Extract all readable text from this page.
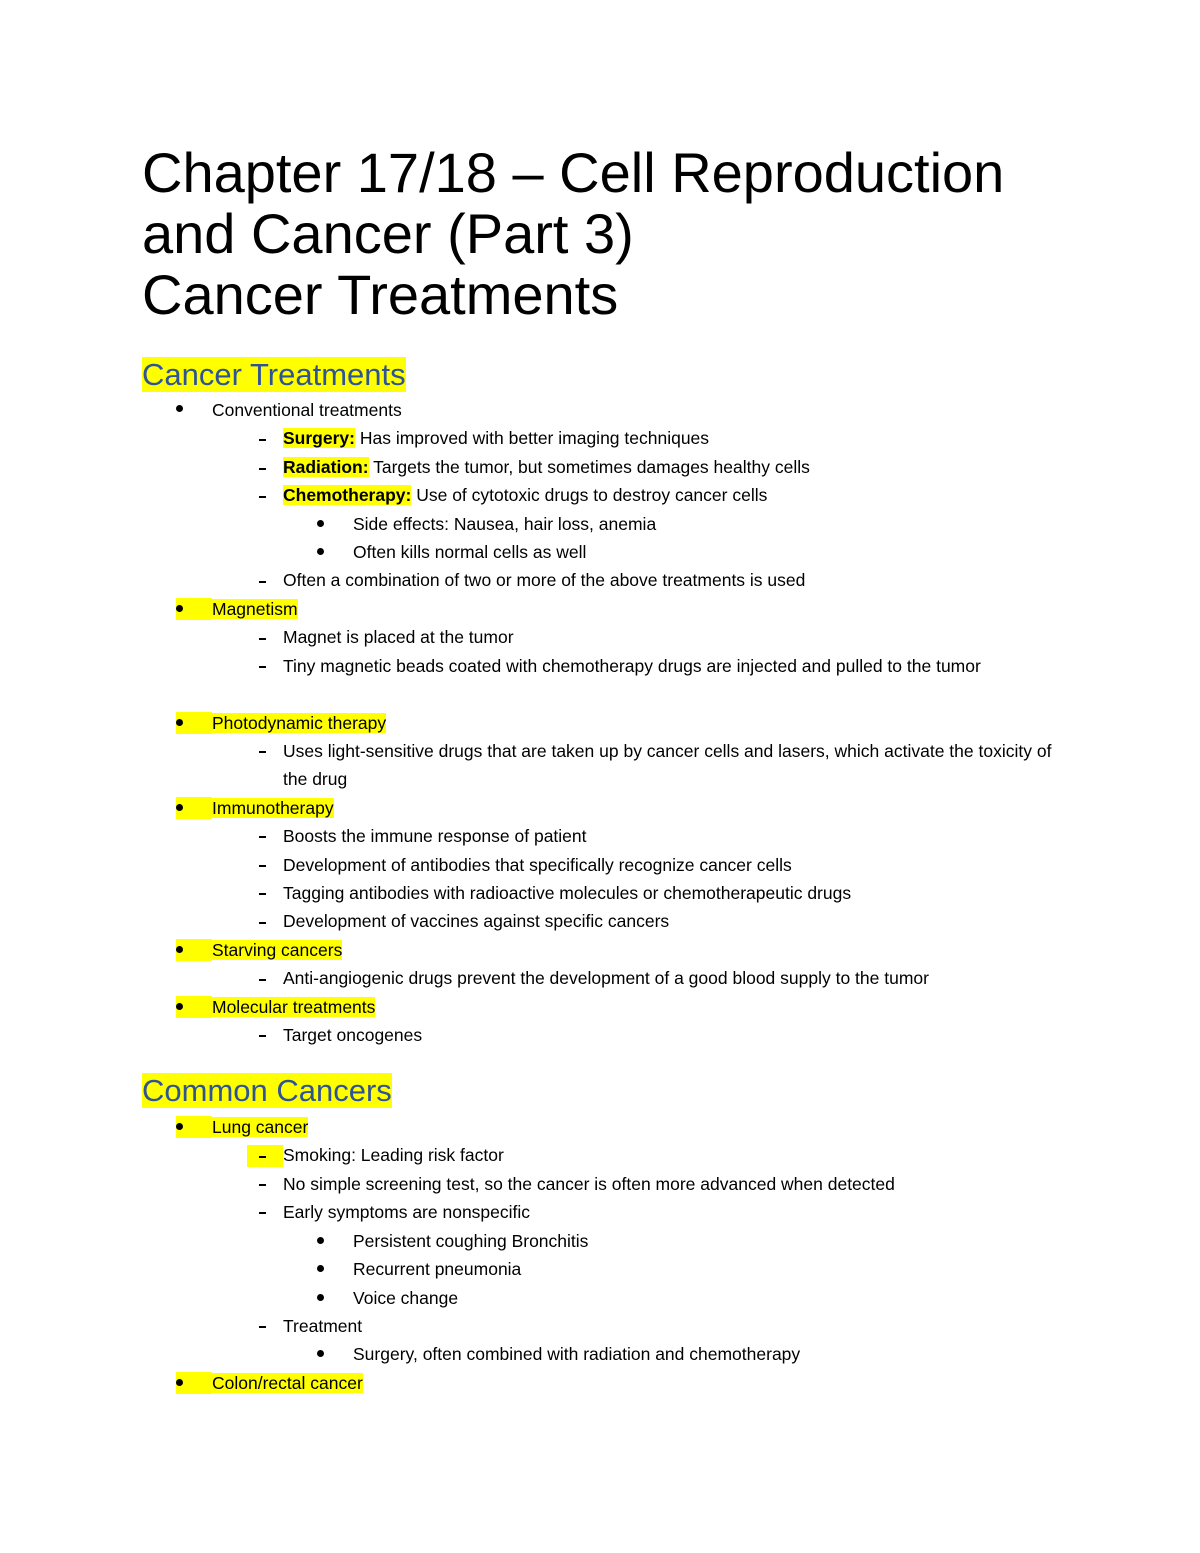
Chapter 17/18 – Cell Reproduction
and Cancer (Part 3)
Cancer Treatments
Cancer Treatments
Conventional treatments
Surgery: Has improved with better imaging techniques
Radiation: Targets the tumor, but sometimes damages healthy cells
Chemotherapy: Use of cytotoxic drugs to destroy cancer cells
Side effects: Nausea, hair loss, anemia
Often kills normal cells as well
Often a combination of two or more of the above treatments is used
Magnetism
Magnet is placed at the tumor
Tiny magnetic beads coated with chemotherapy drugs are injected and pulled to the tumor
Photodynamic therapy
Uses light-sensitive drugs that are taken up by cancer cells and lasers, which activate the toxicity of the drug
Immunotherapy
Boosts the immune response of patient
Development of antibodies that specifically recognize cancer cells
Tagging antibodies with radioactive molecules or chemotherapeutic drugs
Development of vaccines against specific cancers
Starving cancers
Anti-angiogenic drugs prevent the development of a good blood supply to the tumor
Molecular treatments
Target oncogenes
Common Cancers
Lung cancer
Smoking: Leading risk factor
No simple screening test, so the cancer is often more advanced when detected
Early symptoms are nonspecific
Persistent coughing Bronchitis
Recurrent pneumonia
Voice change
Treatment
Surgery, often combined with radiation and chemotherapy
Colon/rectal cancer
